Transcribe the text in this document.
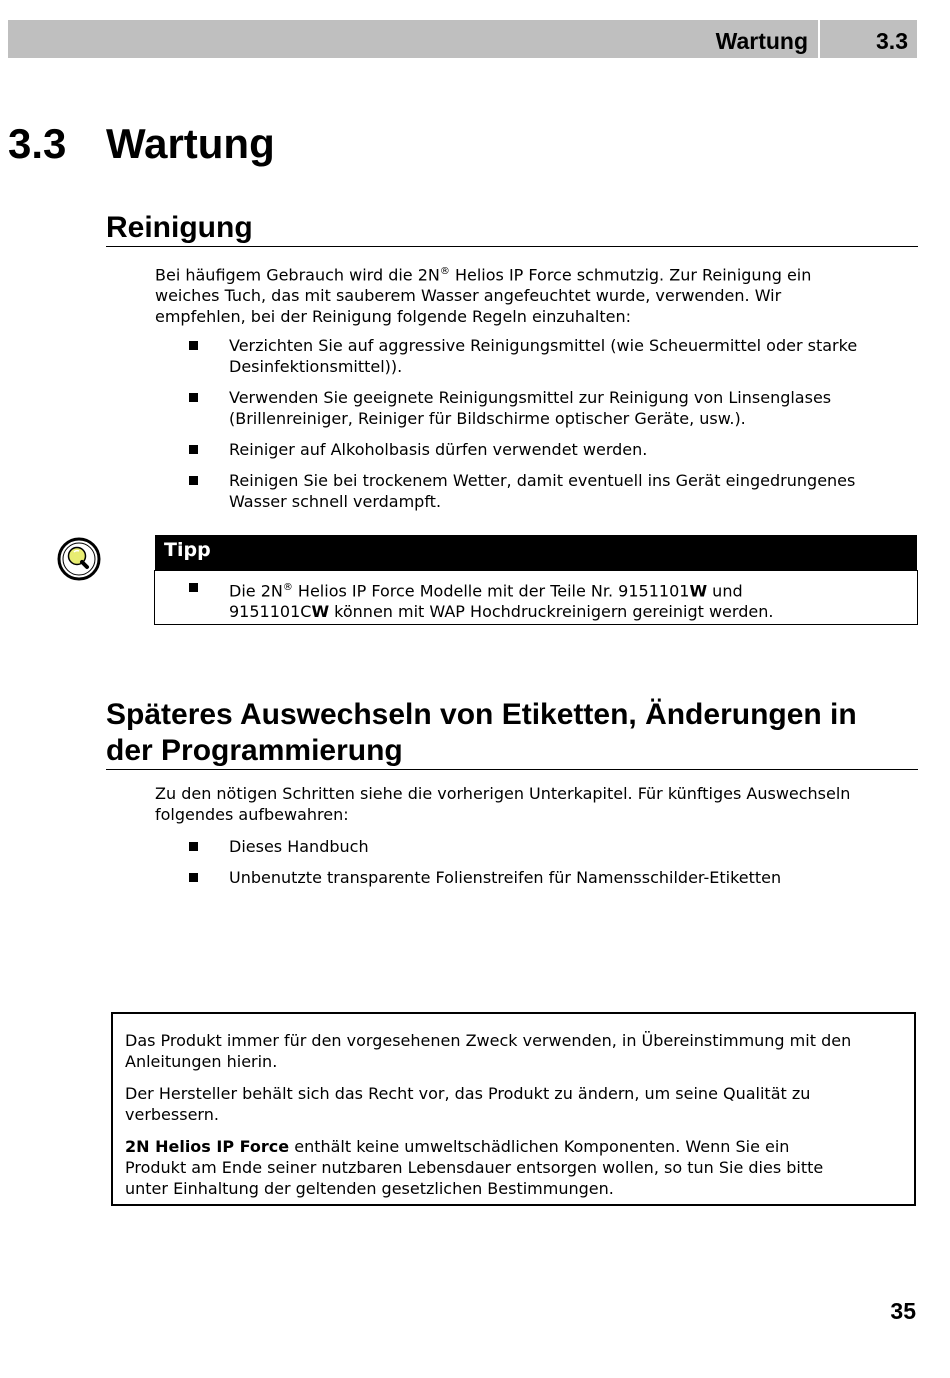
Wartung	3.3
3.3 Wartung
Reinigung

Bei häufigem Gebrauch wird die 2N® Helios IP Force schmutzig. Zur Reinigung ein
weiches Tuch, das mit sauberem Wasser angefeuchtet wurde, verwenden. Wir
empfehlen, bei der Reinigung folgende Regeln einzuhalten:

Verzichten Sie auf aggressive Reinigungsmittel (wie Scheuermittel oder starke
Desinfektionsmittel)).
Verwenden Sie geeignete Reinigungsmittel zur Reinigung von Linsenglases
(Brillenreiniger, Reiniger für Bildschirme optischer Geräte, usw.).
Reiniger auf Alkoholbasis dürfen verwendet werden.
Reinigen Sie bei trockenem Wetter, damit eventuell ins Gerät eingedrungenes
Wasser schnell verdampft.
Tipp
Die 2N® Helios IP Force Modelle mit der Teile Nr. 9151101W und
9151101CW können mit WAP Hochdruckreinigern gereinigt werden.
Späteres Auswechseln von Etiketten, Änderungen in
der Programmierung

Zu den nötigen Schritten siehe die vorherigen Unterkapitel. Für künftiges Auswechseln
folgendes aufbewahren:

Dieses Handbuch
Unbenutzte transparente Folienstreifen für Namensschilder-Etiketten

Das Produkt immer für den vorgesehenen Zweck verwenden, in Übereinstimmung mit den
Anleitungen hierin.

Der Hersteller behält sich das Recht vor, das Produkt zu ändern, um seine Qualität zu
verbessern.

2N Helios IP Force enthält keine umweltschädlichen Komponenten. Wenn Sie ein
Produkt am Ende seiner nutzbaren Lebensdauer entsorgen wollen, so tun Sie dies bitte
unter Einhaltung der geltenden gesetzlichen Bestimmungen.

35
